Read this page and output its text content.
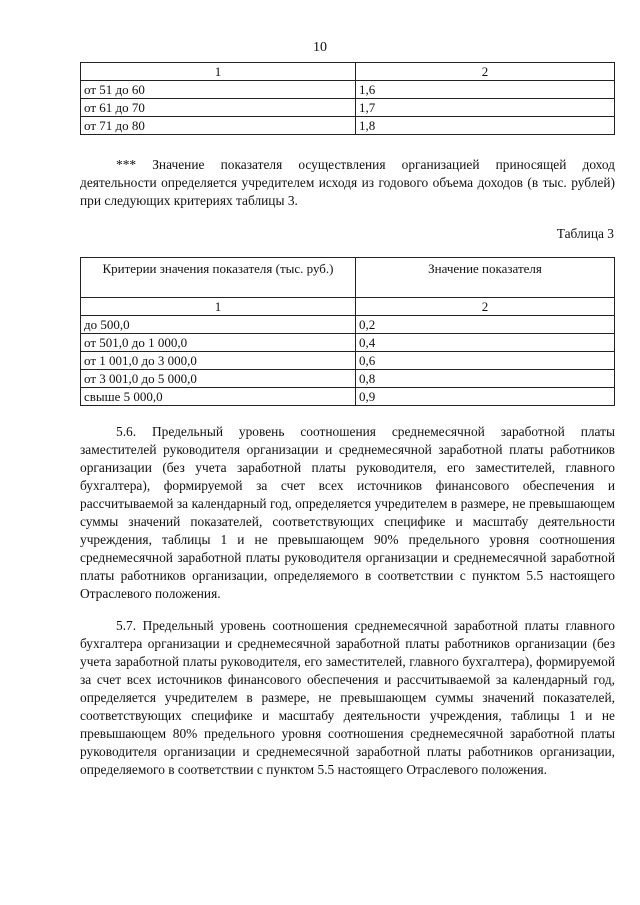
10
1	2
от 51 до 60	1,6
от 61 до 70	1,7
от 71 до 80	1,8

*** Значение показателя осуществления организацией приносящей доход деятельности определяется учредителем исходя из годового объема доходов (в тыс. рублей) при следующих критериях таблицы 3.

Таблица 3
Критерии значения показателя (тыс. руб.)	Значение показателя
1	2
до 500,0	0,2
от 501,0 до 1 000,0	0,4
от 1 001,0 до 3 000,0	0,6
от 3 001,0 до 5 000,0	0,8
свыше 5 000,0	0,9

5.6. Предельный уровень соотношения среднемесячной заработной платы заместителей руководителя организации и среднемесячной заработной платы работников организации (без учета заработной платы руководителя, его заместителей, главного бухгалтера), формируемой за счет всех источников финансового обеспечения и рассчитываемой за календарный год, определяется учредителем в размере, не превышающем суммы значений показателей, соответствующих специфике и масштабу деятельности учреждения, таблицы 1 и не превышающем 90% предельного уровня соотношения среднемесячной заработной платы руководителя организации и среднемесячной заработной платы работников организации, определяемого в соответствии с пунктом 5.5 настоящего Отраслевого положения.

5.7. Предельный уровень соотношения среднемесячной заработной платы главного бухгалтера организации и среднемесячной заработной платы работников организации (без учета заработной платы руководителя, его заместителей, главного бухгалтера), формируемой за счет всех источников финансового обеспечения и рассчитываемой за календарный год, определяется учредителем в размере, не превышающем суммы значений показателей, соответствующих специфике и масштабу деятельности учреждения, таблицы 1 и не превышающем 80% предельного уровня соотношения среднемесячной заработной платы руководителя организации и среднемесячной заработной платы работников организации, определяемого в соответствии с пунктом 5.5 настоящего Отраслевого положения.
